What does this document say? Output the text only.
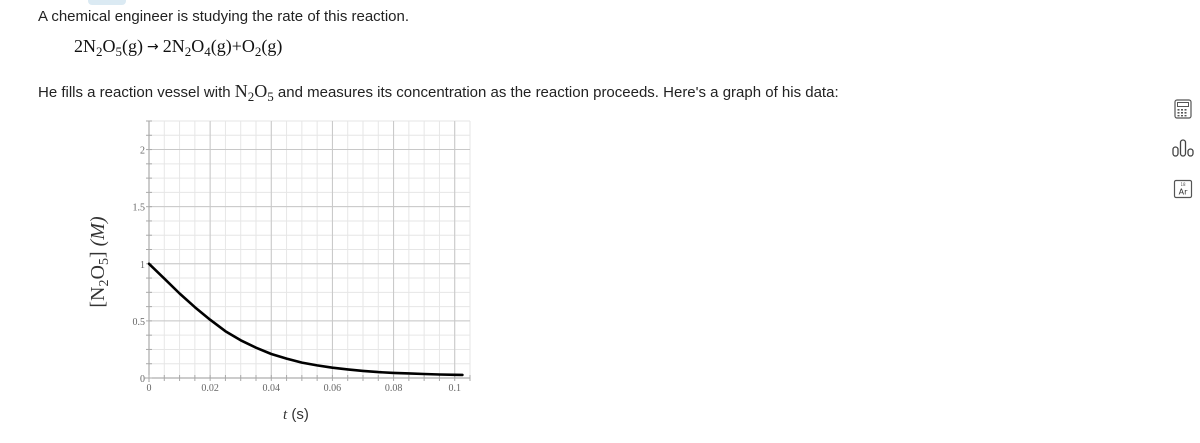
A chemical engineer is studying the rate of this reaction.
$2N_2O_5(g) \to 2N_2O_4(g)+O_2(g)$
He fills a reaction vessel with $N_2O_5$ and measures its concentration as the reaction proceeds. Here's a graph of his data:
0
0.5
1
1.5
2
0	0.02	0.04	0.06	0.08	0.1
$[N_2O_5]$ (M)
t (s)
18
Ar
